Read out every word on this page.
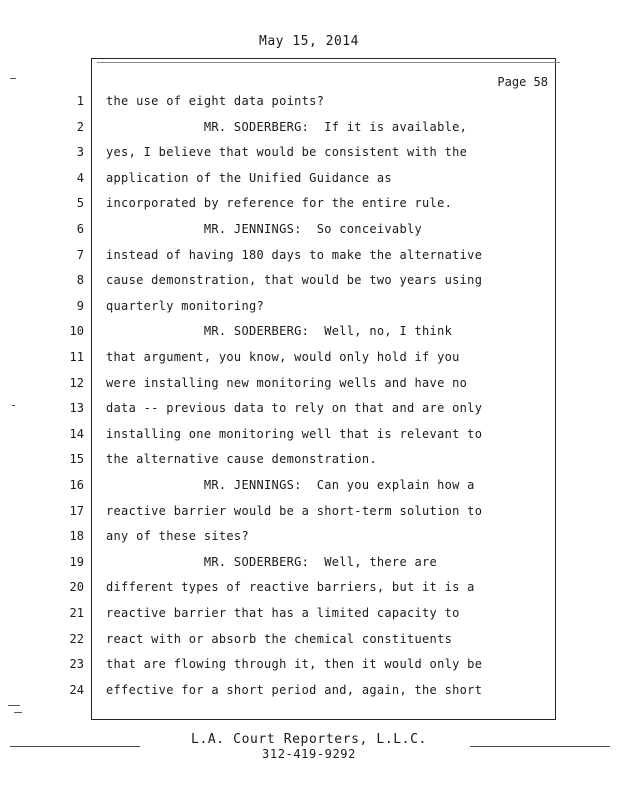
May 15, 2014
Page 58
1 the use of eight data points?
2 MR. SODERBERG:  If it is available,
3 yes, I believe that would be consistent with the
4 application of the Unified Guidance as
5 incorporated by reference for the entire rule.
6 MR. JENNINGS:  So conceivably
7 instead of having 180 days to make the alternative
8 cause demonstration, that would be two years using
9 quarterly monitoring?
10 MR. SODERBERG:  Well, no, I think
11 that argument, you know, would only hold if you
12 were installing new monitoring wells and have no
13 data -- previous data to rely on that and are only
14 installing one monitoring well that is relevant to
15 the alternative cause demonstration.
16 MR. JENNINGS:  Can you explain how a
17 reactive barrier would be a short-term solution to
18 any of these sites?
19 MR. SODERBERG:  Well, there are
20 different types of reactive barriers, but it is a
21 reactive barrier that has a limited capacity to
22 react with or absorb the chemical constituents
23 that are flowing through it, then it would only be
24 effective for a short period and, again, the short
L.A. Court Reporters, L.L.C.
312-419-9292
